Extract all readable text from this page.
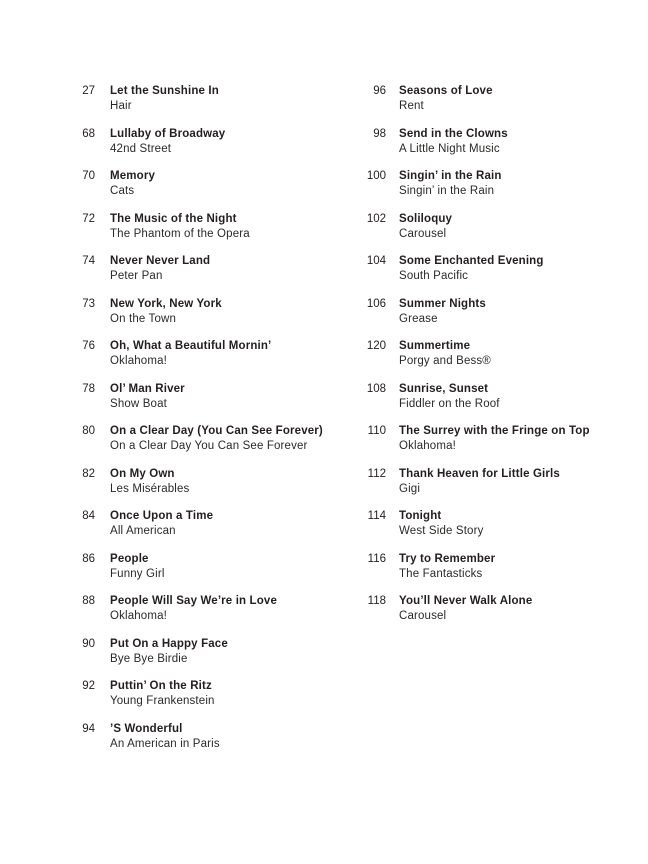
27 Let the Sunshine In
Hair
68 Lullaby of Broadway
42nd Street
70 Memory
Cats
72 The Music of the Night
The Phantom of the Opera
74 Never Never Land
Peter Pan
73 New York, New York
On the Town
76 Oh, What a Beautiful Mornin’
Oklahoma!
78 Ol’ Man River
Show Boat
80 On a Clear Day (You Can See Forever)
On a Clear Day You Can See Forever
82 On My Own
Les Misérables
84 Once Upon a Time
All American
86 People
Funny Girl
88 People Will Say We’re in Love
Oklahoma!
90 Put On a Happy Face
Bye Bye Birdie
92 Puttin’ On the Ritz
Young Frankenstein
94 ’S Wonderful
An American in Paris
96 Seasons of Love
Rent
98 Send in the Clowns
A Little Night Music
100 Singin’ in the Rain
Singin’ in the Rain
102 Soliloquy
Carousel
104 Some Enchanted Evening
South Pacific
106 Summer Nights
Grease
120 Summertime
Porgy and Bess®
108 Sunrise, Sunset
Fiddler on the Roof
110 The Surrey with the Fringe on Top
Oklahoma!
112 Thank Heaven for Little Girls
Gigi
114 Tonight
West Side Story
116 Try to Remember
The Fantasticks
118 You’ll Never Walk Alone
Carousel
